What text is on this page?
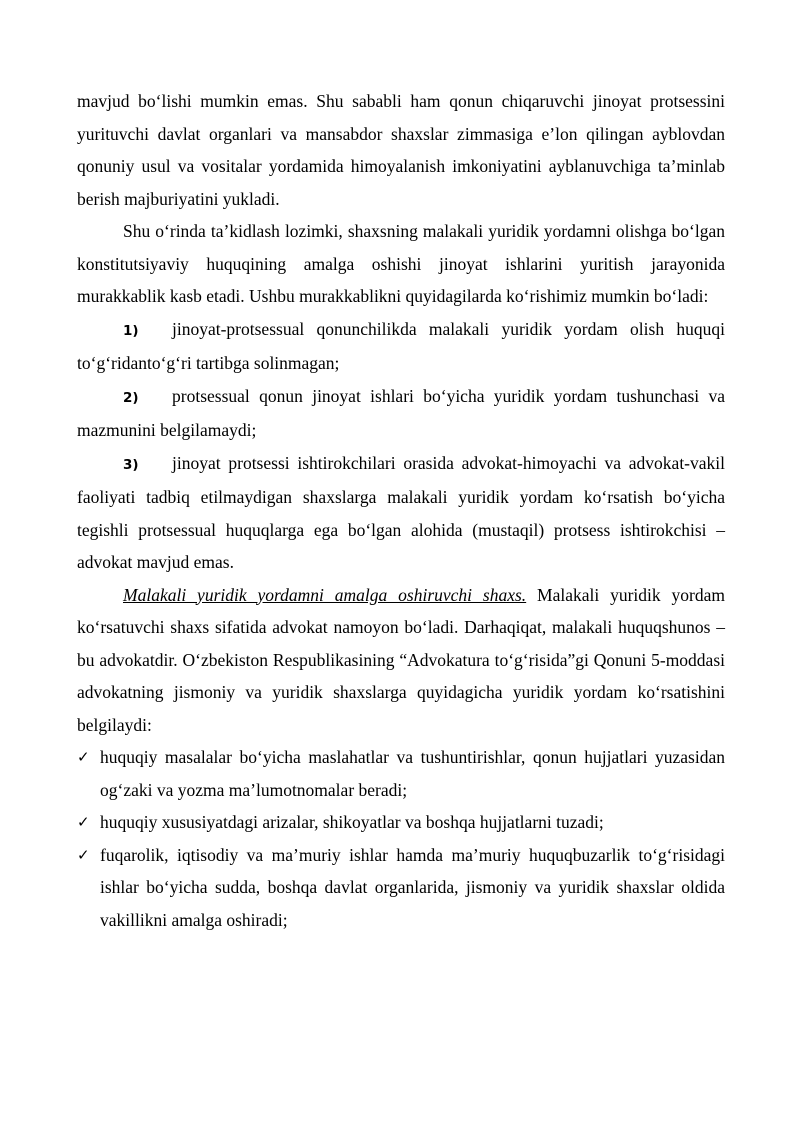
mavjud bo‘lishi mumkin emas. Shu sababli ham qonun chiqaruvchi jinoyat protsessini yurituvchi davlat organlari va mansabdor shaxslar zimmasiga e’lon qilingan ayblovdan qonuniy usul va vositalar yordamida himoyalanish imkoniyatini ayblanuvchiga ta’minlab berish majburiyatini yukladi.

Shu o‘rinda ta’kidlash lozimki, shaxsning malakali yuridik yordamni olishga bo‘lgan konstitutsiyaviy huquqining amalga oshishi jinoyat ishlarini yuritish jarayonida murakkablik kasb etadi. Ushbu murakkablikni quyidagilarda ko‘rishimiz mumkin bo‘ladi:

1) jinoyat-protsessual qonunchilikda malakali yuridik yordam olish huquqi to‘g‘ridanto‘g‘ri tartibga solinmagan;

2) protsessual qonun jinoyat ishlari bo‘yicha yuridik yordam tushunchasi va mazmunini belgilamaydi;

3) jinoyat protsessi ishtirokchilari orasida advokat-himoyachi va advokat-vakil faoliyati tadbiq etilmaydigan shaxslarga malakali yuridik yordam ko‘rsatish bo‘yicha tegishli protsessual huquqlarga ega bo‘lgan alohida (mustaqil) protsess ishtirokchisi – advokat mavjud emas.

Malakali yuridik yordamni amalga oshiruvchi shaxs. Malakali yuridik yordam ko‘rsatuvchi shaxs sifatida advokat namoyon bo‘ladi. Darhaqiqat, malakali huquqshunos – bu advokatdir. O‘zbekiston Respublikasining “Advokatura to‘g‘risida”gi Qonuni 5-moddasi advokatning jismoniy va yuridik shaxslarga quyidagicha yuridik yordam ko‘rsatishini belgilaydi:

✓ huquqiy masalalar bo‘yicha maslahatlar va tushuntirishlar, qonun hujjatlari yuzasidan og‘zaki va yozma ma’lumotnomalar beradi;
✓ huquqiy xususiyatdagi arizalar, shikoyatlar va boshqa hujjatlarni tuzadi;
✓ fuqarolik, iqtisodiy va ma’muriy ishlar hamda ma’muriy huquqbuzarlik to‘g‘risidagi ishlar bo‘yicha sudda, boshqa davlat organlarida, jismoniy va yuridik shaxslar oldida vakillikni amalga oshiradi;
